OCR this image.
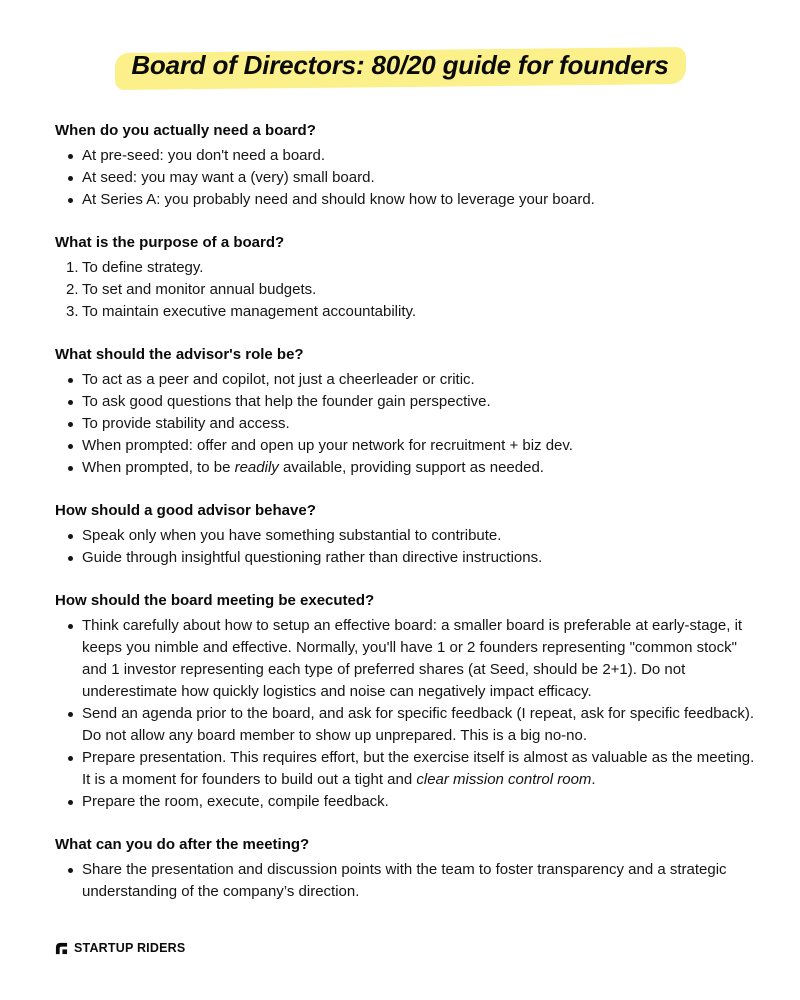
Board of Directors: 80/20 guide for founders
When do you actually need a board?
At pre-seed: you don't need a board.
At seed: you may want a (very) small board.
At Series A: you probably need and should know how to leverage your board.
What is the purpose of a board?
1. To define strategy.
2. To set and monitor annual budgets.
3. To maintain executive management accountability.
What should the advisor's role be?
To act as a peer and copilot, not just a cheerleader or critic.
To ask good questions that help the founder gain perspective.
To provide stability and access.
When prompted: offer and open up your network for recruitment + biz dev.
When prompted, to be readily available, providing support as needed.
How should a good advisor behave?
Speak only when you have something substantial to contribute.
Guide through insightful questioning rather than directive instructions.
How should the board meeting be executed?
Think carefully about how to setup an effective board: a smaller board is preferable at early-stage, it keeps you nimble and effective. Normally, you'll have 1 or 2 founders representing "common stock" and 1 investor representing each type of preferred shares (at Seed, should be 2+1). Do not underestimate how quickly logistics and noise can negatively impact efficacy.
Send an agenda prior to the board, and ask for specific feedback (I repeat, ask for specific feedback). Do not allow any board member to show up unprepared. This is a big no-no.
Prepare presentation. This requires effort, but the exercise itself is almost as valuable as the meeting. It is a moment for founders to build out a tight and clear mission control room.
Prepare the room, execute, compile feedback.
What can you do after the meeting?
Share the presentation and discussion points with the team to foster transparency and a strategic understanding of the company’s direction.
STARTUP RIDERS
